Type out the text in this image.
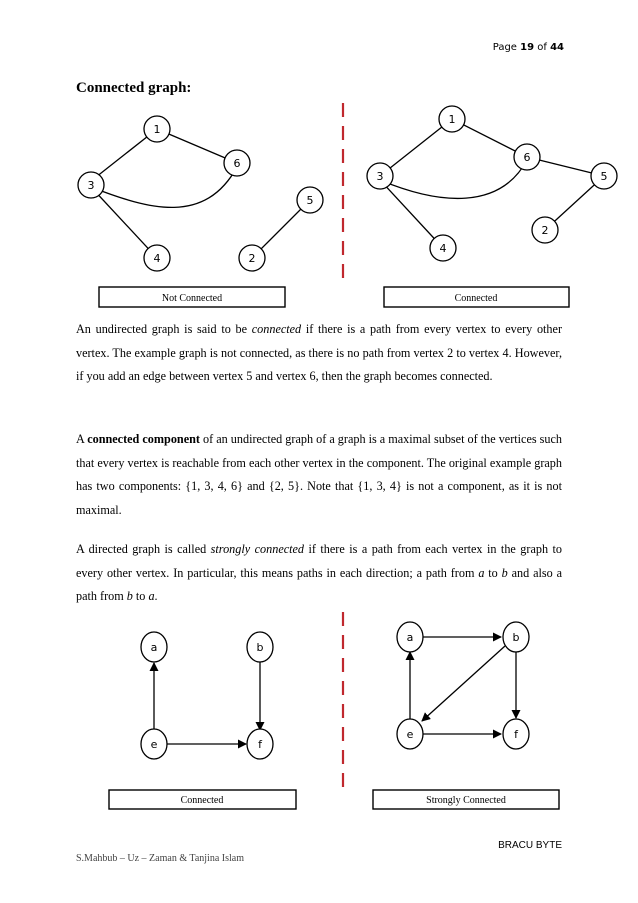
Page 19 of 44
Connected graph:
1
6
3
5
4	2
1
6
3	5
2
4
Not Connected	Connected

An undirected graph is said to be connected if there is a path from every vertex to every other vertex. The example graph is not connected, as there is no path from vertex 2 to vertex 4. However, if you add an edge between vertex 5 and vertex 6, then the graph becomes connected.

A connected component of an undirected graph of a graph is a maximal subset of the vertices such that every vertex is reachable from each other vertex in the component. The original example graph has two components: {1, 3, 4, 6} and {2, 5}. Note that {1, 3, 4} is not a component, as it is not maximal.

A directed graph is called strongly connected if there is a path from each vertex in the graph to every other vertex. In particular, this means paths in each direction; a path from a to b and also a path from b to a.

a	b
e	f
a	b
e	f
Connected	Strongly Connected
BRACU BYTE
S.Mahbub – Uz – Zaman & Tanjina Islam
